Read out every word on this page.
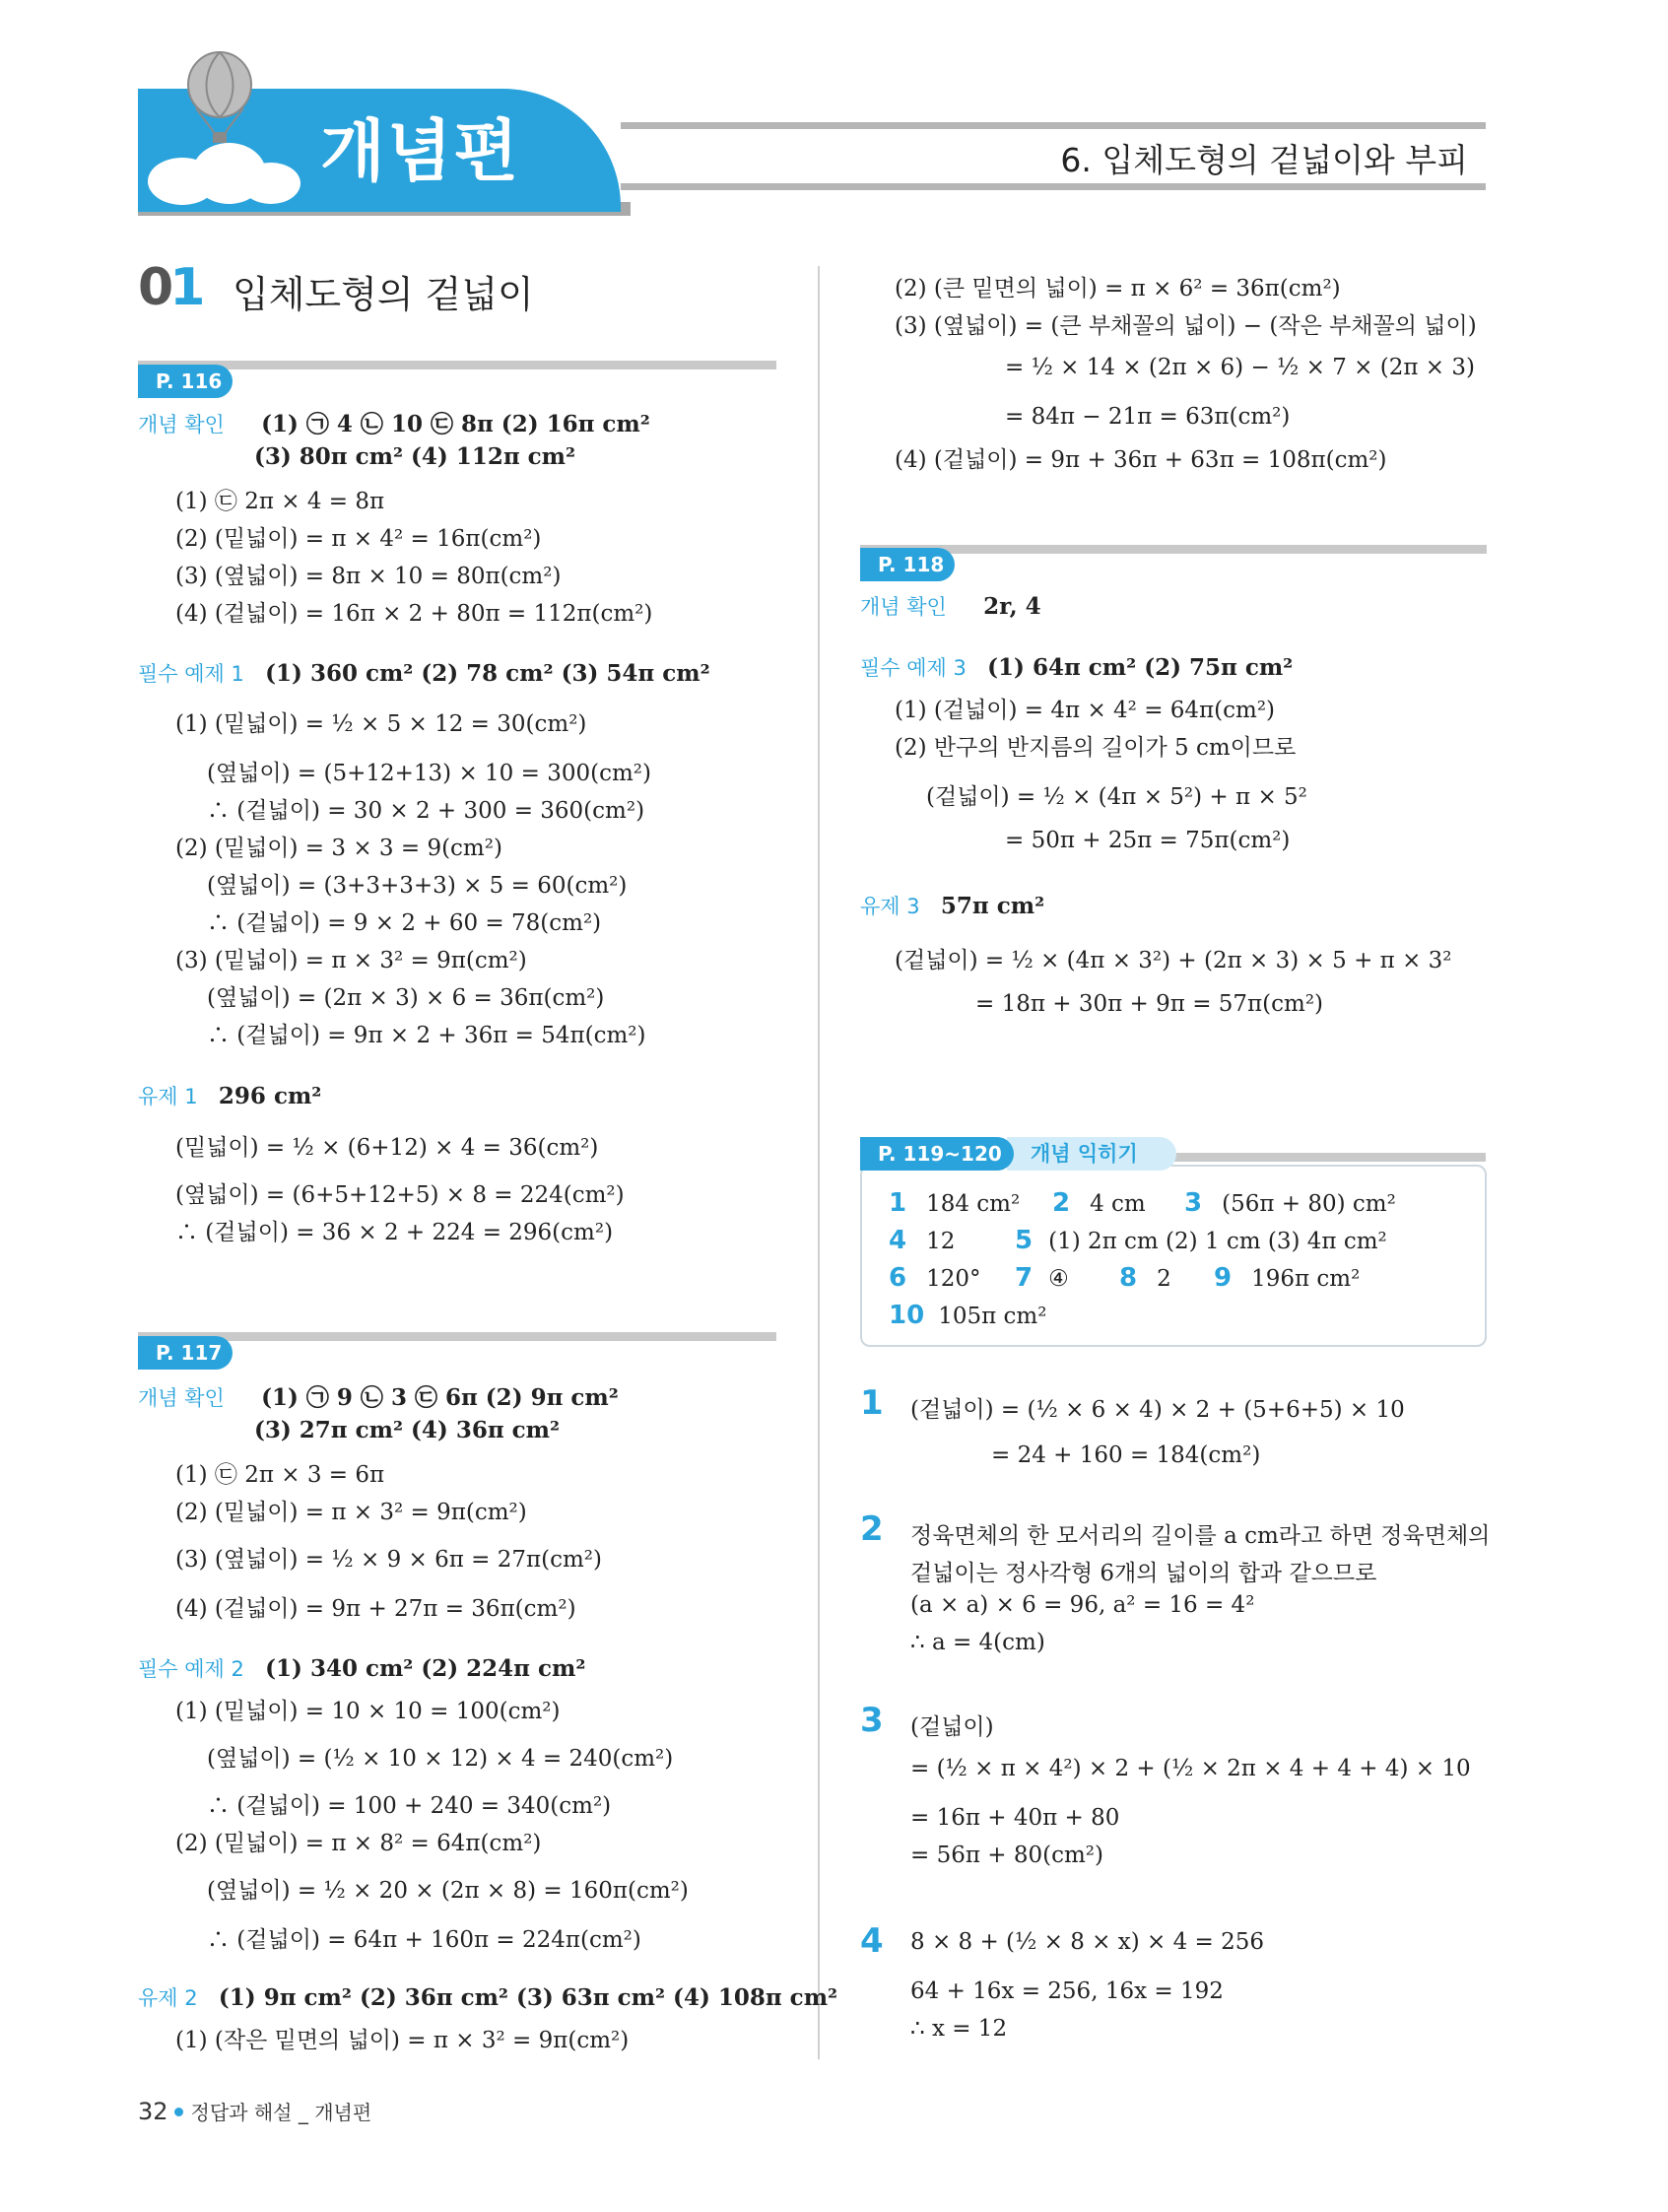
개념편	6. 입체도형의 겉넓이와 부피
01 입체도형의 겉넓이
P. 116
개념 확인 (1) ㉠ 4 ㉡ 10 ㉢ 8π (2) 16π cm²
(3) 80π cm² (4) 112π cm²
(1) ㉢ 2π × 4 = 8π
(2) (밑넓이) = π × 4² = 16π(cm²)
(3) (옆넓이) = 8π × 10 = 80π(cm²)
(4) (겉넓이) = 16π × 2 + 80π = 112π(cm²)
필수 예제 1 (1) 360 cm² (2) 78 cm² (3) 54π cm²
(1) (밑넓이) = ½ × 5 × 12 = 30(cm²)
(옆넓이) = (5+12+13) × 10 = 300(cm²)
∴ (겉넓이) = 30 × 2 + 300 = 360(cm²)
(2) (밑넓이) = 3 × 3 = 9(cm²)
(옆넓이) = (3+3+3+3) × 5 = 60(cm²)
∴ (겉넓이) = 9 × 2 + 60 = 78(cm²)
(3) (밑넓이) = π × 3² = 9π(cm²)
(옆넓이) = (2π × 3) × 6 = 36π(cm²)
∴ (겉넓이) = 9π × 2 + 36π = 54π(cm²)
유제 1 296 cm²
(밑넓이) = ½ × (6+12) × 4 = 36(cm²)
(옆넓이) = (6+5+12+5) × 8 = 224(cm²)
∴ (겉넓이) = 36 × 2 + 224 = 296(cm²)
P. 117
개념 확인 (1) ㉠ 9 ㉡ 3 ㉢ 6π (2) 9π cm²
(3) 27π cm² (4) 36π cm²
(1) ㉢ 2π × 3 = 6π
(2) (밑넓이) = π × 3² = 9π(cm²)
(3) (옆넓이) = ½ × 9 × 6π = 27π(cm²)
(4) (겉넓이) = 9π + 27π = 36π(cm²)
필수 예제 2 (1) 340 cm² (2) 224π cm²
(1) (밑넓이) = 10 × 10 = 100(cm²)
(옆넓이) = (½ × 10 × 12) × 4 = 240(cm²)
∴ (겉넓이) = 100 + 240 = 340(cm²)
(2) (밑넓이) = π × 8² = 64π(cm²)
(옆넓이) = ½ × 20 × (2π × 8) = 160π(cm²)
∴ (겉넓이) = 64π + 160π = 224π(cm²)
유제 2 (1) 9π cm² (2) 36π cm² (3) 63π cm² (4) 108π cm²
(1) (작은 밑면의 넓이) = π × 3² = 9π(cm²)
(2) (큰 밑면의 넓이) = π × 6² = 36π(cm²)
(3) (옆넓이) = (큰 부채꼴의 넓이) − (작은 부채꼴의 넓이)
= ½ × 14 × (2π × 6) − ½ × 7 × (2π × 3)
= 84π − 21π = 63π(cm²)
(4) (겉넓이) = 9π + 36π + 63π = 108π(cm²)
P. 118
개념 확인 2r, 4
필수 예제 3 (1) 64π cm² (2) 75π cm²
(1) (겉넓이) = 4π × 4² = 64π(cm²)
(2) 반구의 반지름의 길이가 5 cm이므로
(겉넓이) = ½ × (4π × 5²) + π × 5²
= 50π + 25π = 75π(cm²)
유제 3 57π cm²
(겉넓이) = ½ × (4π × 3²) + (2π × 3) × 5 + π × 3²
= 18π + 30π + 9π = 57π(cm²)
개념 익히기
P. 119~120
1 184 cm² 2 4 cm 3 (56π + 80) cm²
4 12 5 (1) 2π cm (2) 1 cm (3) 4π cm²
6 120° 7 ④ 8 2 9 196π cm²
10 105π cm²
1 (겉넓이) = (½ × 6 × 4) × 2 + (5+6+5) × 10
= 24 + 160 = 184(cm²)
2 정육면체의 한 모서리의 길이를 a cm라고 하면 정육면체의
겉넓이는 정사각형 6개의 넓이의 합과 같으므로
(a × a) × 6 = 96, a² = 16 = 4²
∴ a = 4(cm)
3 (겉넓이)
= (½ × π × 4²) × 2 + (½ × 2π × 4 + 4 + 4) × 10
= 16π + 40π + 80
= 56π + 80(cm²)
4 8 × 8 + (½ × 8 × x) × 4 = 256
64 + 16x = 256, 16x = 192
∴ x = 12
32 정답과 해설 _ 개념편
